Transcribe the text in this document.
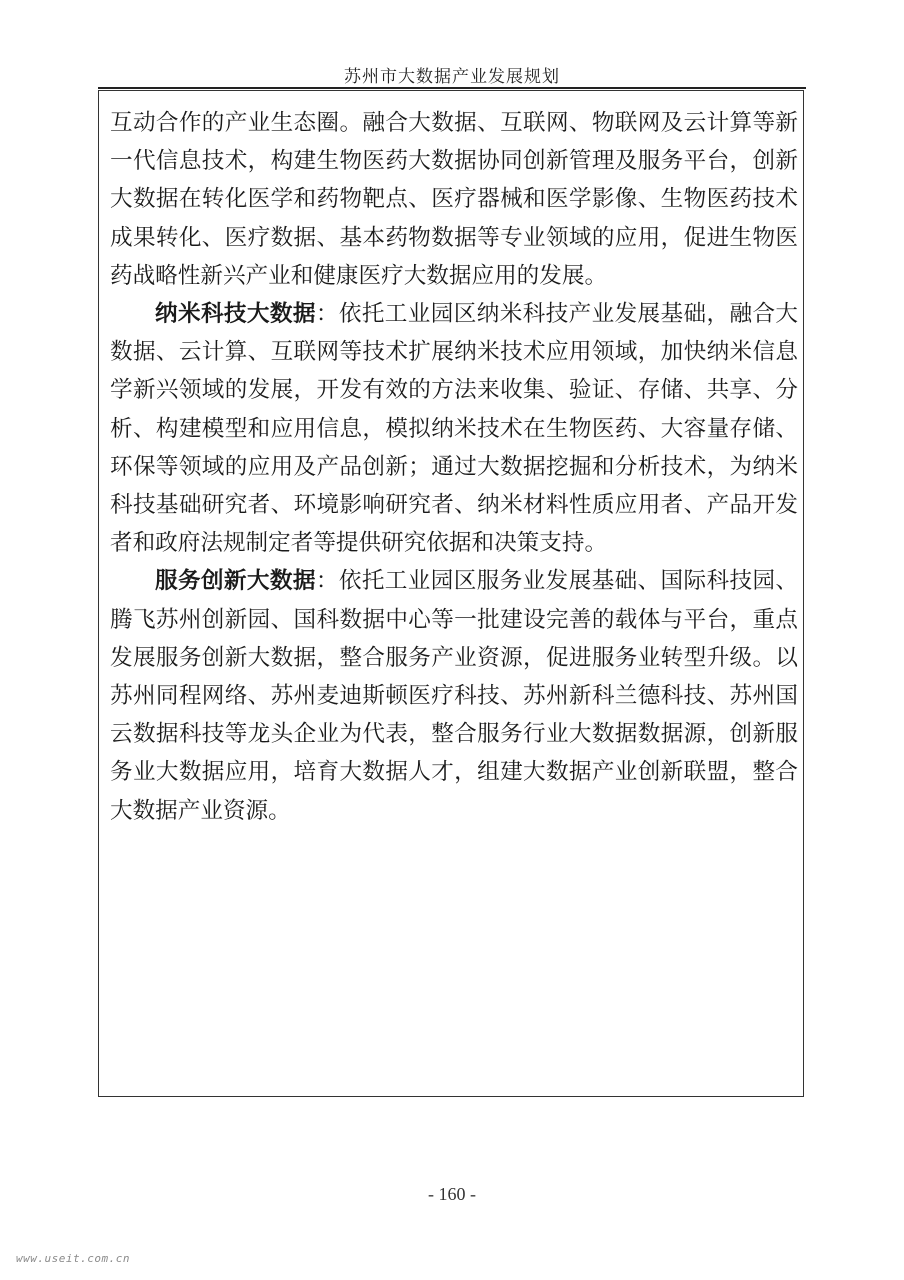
苏州市大数据产业发展规划

互动合作的产业生态圈。融合大数据、互联网、物联网及云计算等新一代信息技术，构建生物医药大数据协同创新管理及服务平台，创新大数据在转化医学和药物靶点、医疗器械和医学影像、生物医药技术成果转化、医疗数据、基本药物数据等专业领域的应用，促进生物医药战略性新兴产业和健康医疗大数据应用的发展。

纳米科技大数据：依托工业园区纳米科技产业发展基础，融合大数据、云计算、互联网等技术扩展纳米技术应用领域，加快纳米信息学新兴领域的发展，开发有效的方法来收集、验证、存储、共享、分析、构建模型和应用信息，模拟纳米技术在生物医药、大容量存储、环保等领域的应用及产品创新；通过大数据挖掘和分析技术，为纳米科技基础研究者、环境影响研究者、纳米材料性质应用者、产品开发者和政府法规制定者等提供研究依据和决策支持。

服务创新大数据：依托工业园区服务业发展基础、国际科技园、腾飞苏州创新园、国科数据中心等一批建设完善的载体与平台，重点发展服务创新大数据，整合服务产业资源，促进服务业转型升级。以苏州同程网络、苏州麦迪斯顿医疗科技、苏州新科兰德科技、苏州国云数据科技等龙头企业为代表，整合服务行业大数据数据源，创新服务业大数据应用，培育大数据人才，组建大数据产业创新联盟，整合大数据产业资源。

- 160 -
www.useit.com.cn
